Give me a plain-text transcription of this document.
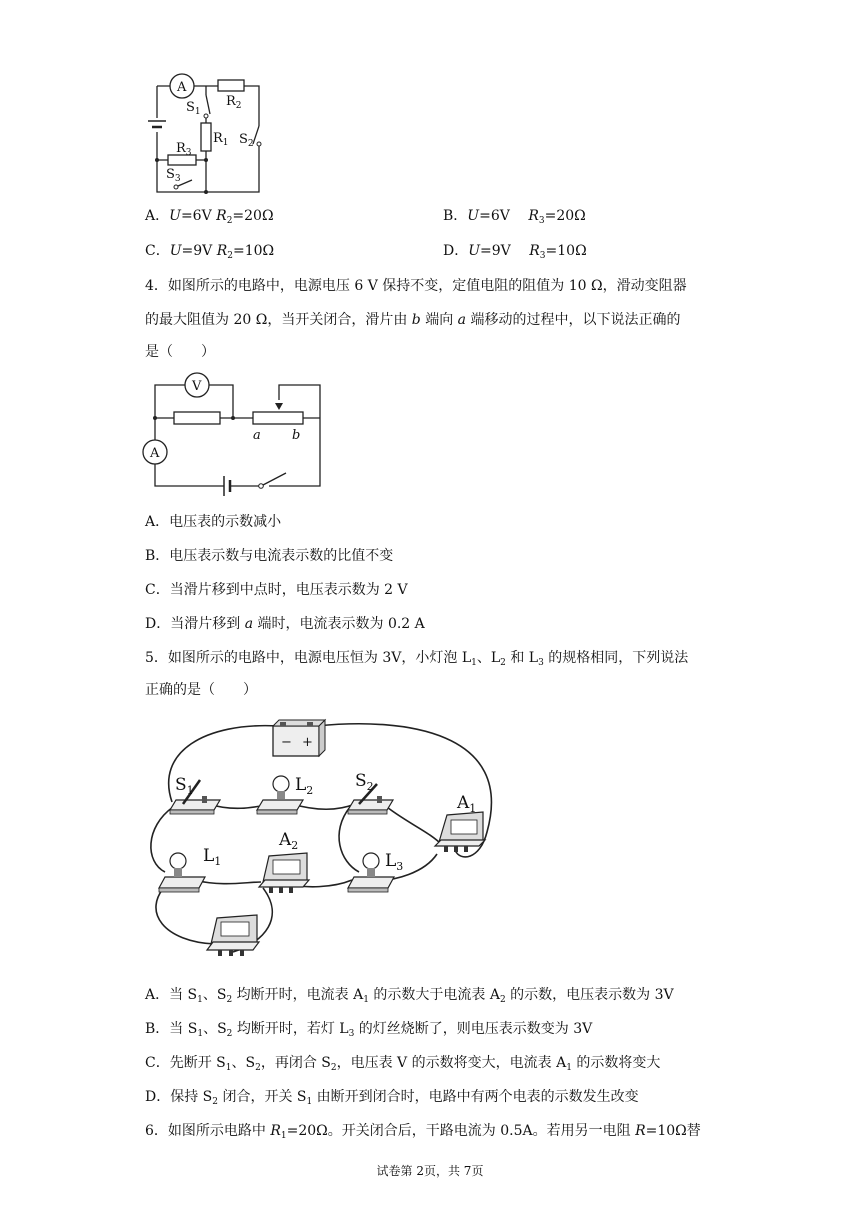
A
$S_1$
$R_2$
$R_1$ $S_2$
$R_3$
$S_3$
A．U=6V $R_2=20\Omega$	B．U=6V　 $R_3=20\Omega$
C．U=9V $R_2=10\Omega$	D．U=9V　 $R_3=10\Omega$
4．如图所示的电路中，电源电压 6 V 保持不变，定值电阻的阻值为 10 Ω，滑动变阻器
的最大阻值为 20 Ω，当开关闭合，滑片由 b 端向 a 端移动的过程中，以下说法正确的
是（　　）
V
A
a b
A．电压表的示数减小
B．电压表示数与电流表示数的比值不变
C．当滑片移到中点时，电压表示数为 2 V
D．当滑片移到 a 端时，电流表示数为 0.2 A
5．如图所示的电路中，电源电压恒为 3V，小灯泡 $L_1$、$L_2$ 和 $L_3$ 的规格相同，下列说法
正确的是（　　）
− +
$S_1$	$L_2$ $S_2$
$A_1$
$L_1$
$A_2$
$L_3$
A．当 $S_1$、$S_2$ 均断开时，电流表 $A_1$ 的示数大于电流表 $A_2$ 的示数，电压表示数为 3V
B．当 $S_1$、$S_2$ 均断开时，若灯 $L_3$ 的灯丝烧断了，则电压表示数变为 3V
C．先断开 $S_1$、$S_2$，再闭合 $S_2$，电压表 V 的示数将变大，电流表 $A_1$ 的示数将变大
D．保持 $S_2$ 闭合，开关 $S_1$ 由断开到闭合时，电路中有两个电表的示数发生改变
6．如图所示电路中 $R_1=20\Omega$。开关闭合后，干路电流为 0.5A。若用另一电阻 R=10Ω替
试卷第 2页，共 7页
